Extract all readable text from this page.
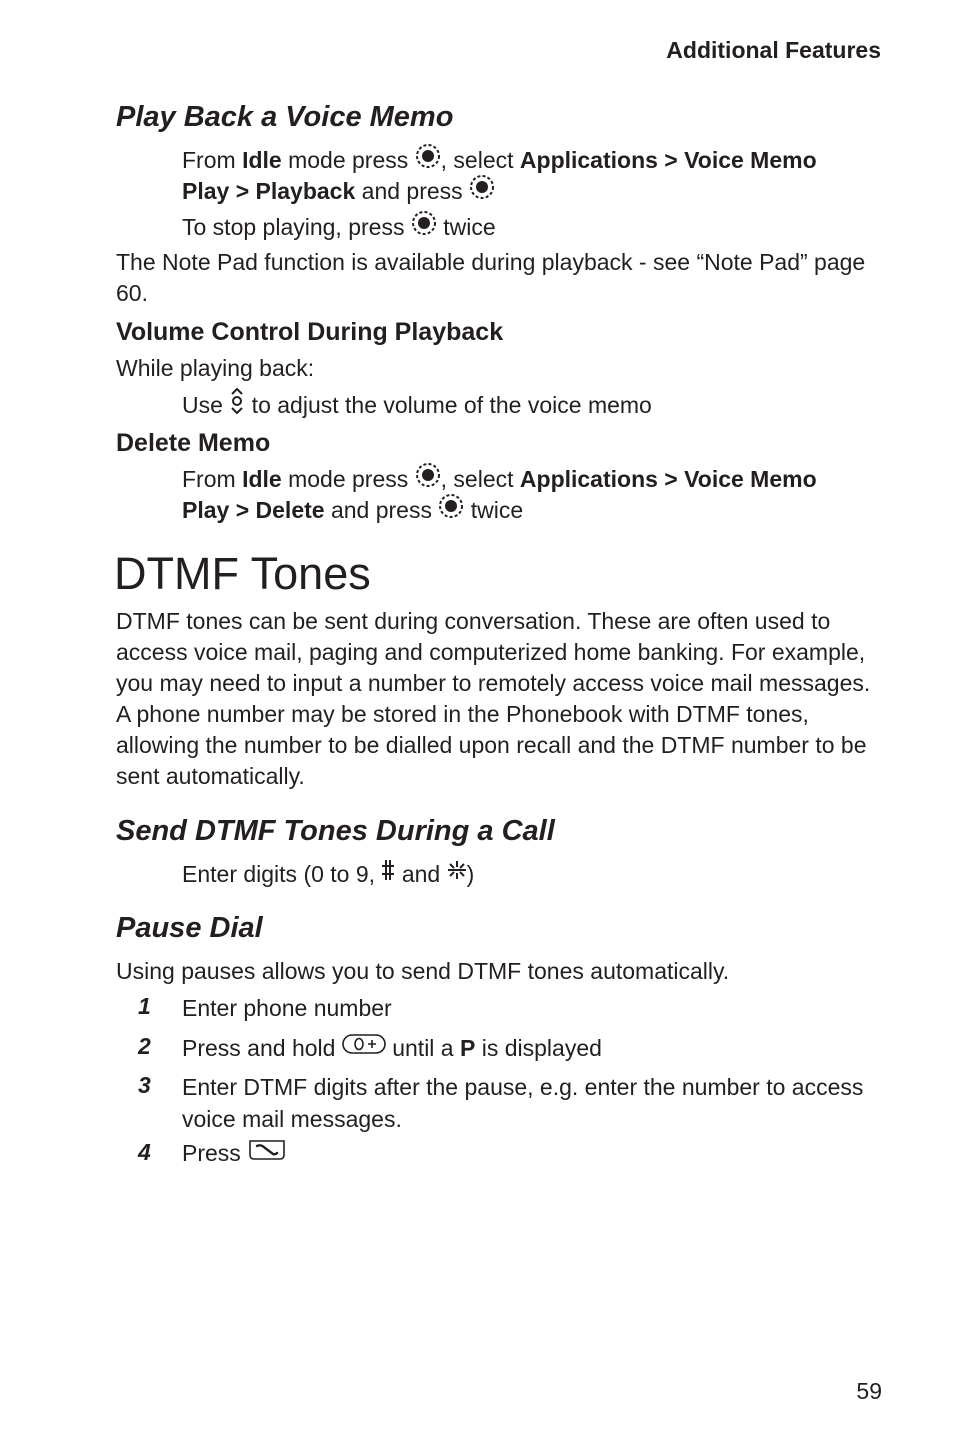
Additional Features
Play Back a Voice Memo
From Idle mode press , select Applications > Voice Memo
Play > Playback and press
To stop playing, press  twice
The Note Pad function is available during playback - see “Note Pad” page 60.
Volume Control During Playback
While playing back:
Use  to adjust the volume of the voice memo
Delete Memo
From Idle mode press , select Applications > Voice Memo
Play > Delete and press  twice
DTMF Tones
DTMF tones can be sent during conversation. These are often used to access voice mail, paging and computerized home banking. For example, you may need to input a number to remotely access voice mail messages. A phone number may be stored in the Phonebook with DTMF tones, allowing the number to be dialled upon recall and the DTMF number to be sent automatically.
Send DTMF Tones During a Call
Enter digits (0 to 9,  and )
Pause Dial
Using pauses allows you to send DTMF tones automatically.
1 Enter phone number
2 Press and hold  until a P is displayed
3 Enter DTMF digits after the pause, e.g. enter the number to access voice mail messages.
4 Press
59
